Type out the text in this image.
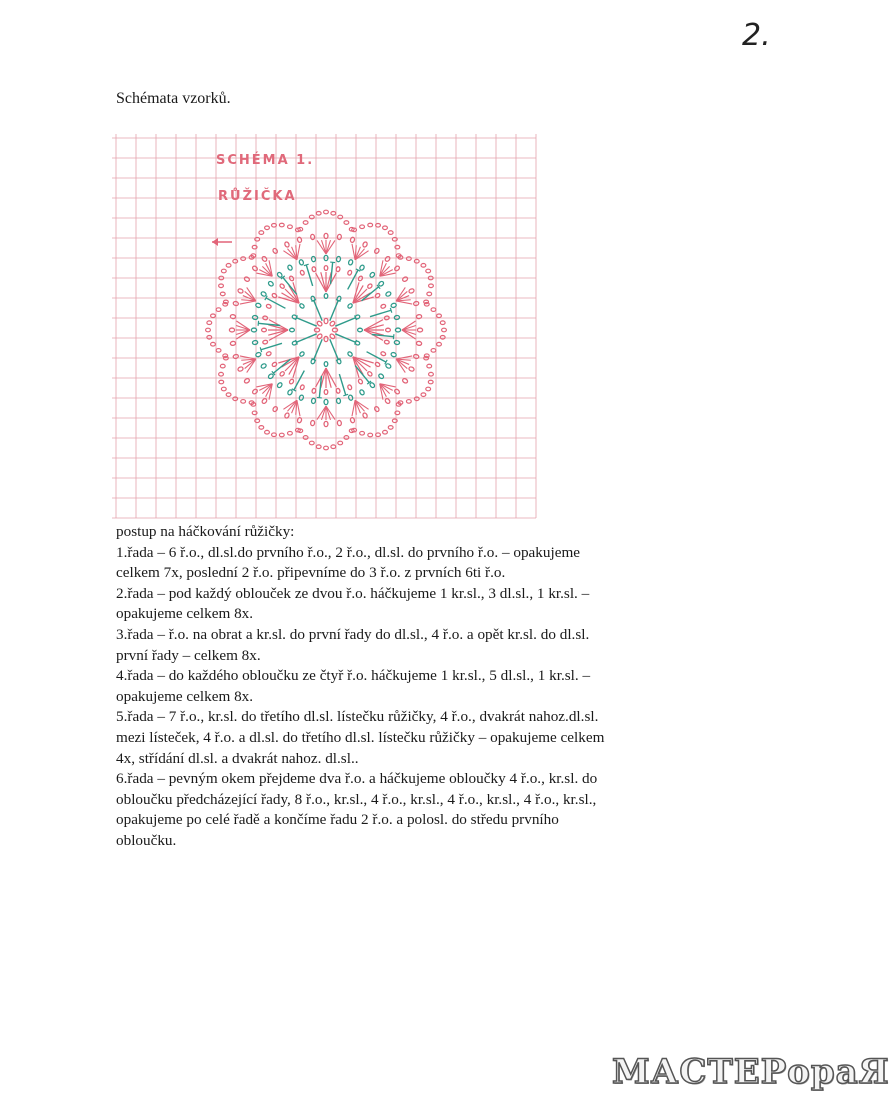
2.
Schémata vzorků.
SCHÉMA 1.
RŮŽIČKA

postup na háčkování růžičky:

1.řada – 6 ř.o., dl.sl.do prvního ř.o., 2 ř.o., dl.sl. do prvního ř.o. – opakujeme

celkem 7x, poslední 2 ř.o. připevníme do 3 ř.o. z prvních 6ti ř.o.

2.řada – pod každý oblouček ze dvou ř.o. háčkujeme 1 kr.sl., 3 dl.sl., 1 kr.sl. –

opakujeme celkem 8x.

3.řada – ř.o. na obrat a kr.sl. do první řady do dl.sl., 4 ř.o. a opět kr.sl. do dl.sl.

první řady – celkem 8x.

4.řada – do každého obloučku ze čtyř ř.o. háčkujeme 1 kr.sl., 5 dl.sl., 1 kr.sl. –

opakujeme celkem 8x.

5.řada – 7 ř.o., kr.sl. do třetího dl.sl. lístečku růžičky, 4 ř.o., dvakrát nahoz.dl.sl.

mezi lísteček, 4 ř.o. a dl.sl. do třetího dl.sl. lístečku růžičky – opakujeme celkem

4x, střídání dl.sl. a dvakrát nahoz. dl.sl..

6.řada – pevným okem přejdeme dva ř.o. a háčkujeme obloučky 4 ř.o., kr.sl. do

obloučku předcházející řady, 8 ř.o., kr.sl., 4 ř.o., kr.sl., 4 ř.o., kr.sl., 4 ř.o., kr.sl.,

opakujeme po celé řadě a končíme řadu 2 ř.o. a polosl. do středu prvního

obloučku.

МАСТЕРораЯ
